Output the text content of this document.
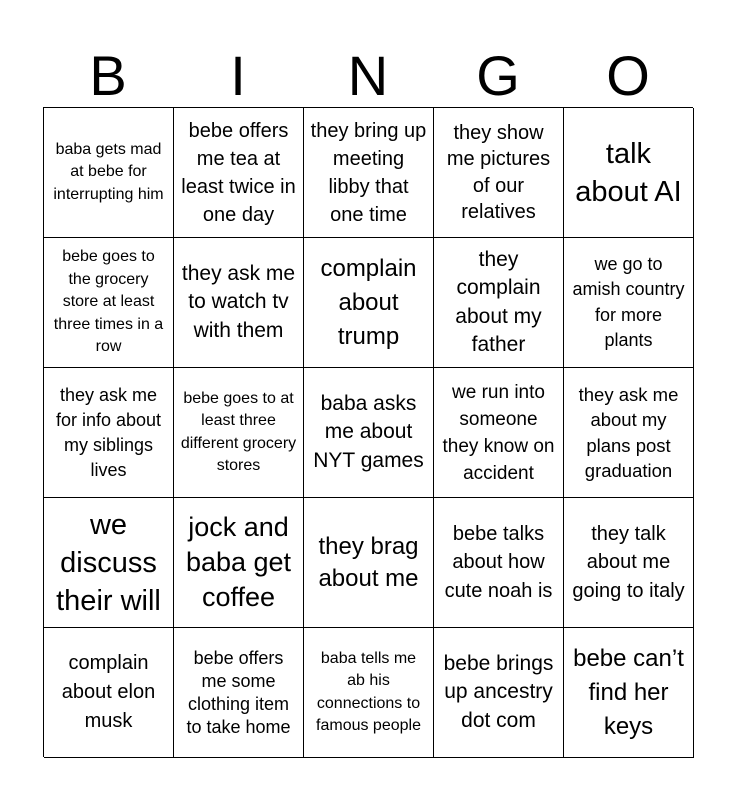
B	I	N	G	O
baba gets mad at bebe for interrupting him
bebe offers me tea at least twice in one day
they bring up meeting libby that one time
they show me pictures of our relatives
talk about AI
bebe goes to the grocery store at least three times in a row
they ask me to watch tv with them
complain about trump
they complain about my father
we go to amish country for more plants
they ask me for info about my siblings lives
bebe goes to at least three different grocery stores
baba asks me about NYT games
we run into someone they know on accident
they ask me about my plans post graduation
we discuss their will
jock and baba get coffee
they brag about me
bebe talks about how cute noah is
they talk about me going to italy
complain about elon musk
bebe offers me some clothing item to take home
baba tells me ab his connections to famous people
bebe brings up ancestry dot com
bebe can’t find her keys
